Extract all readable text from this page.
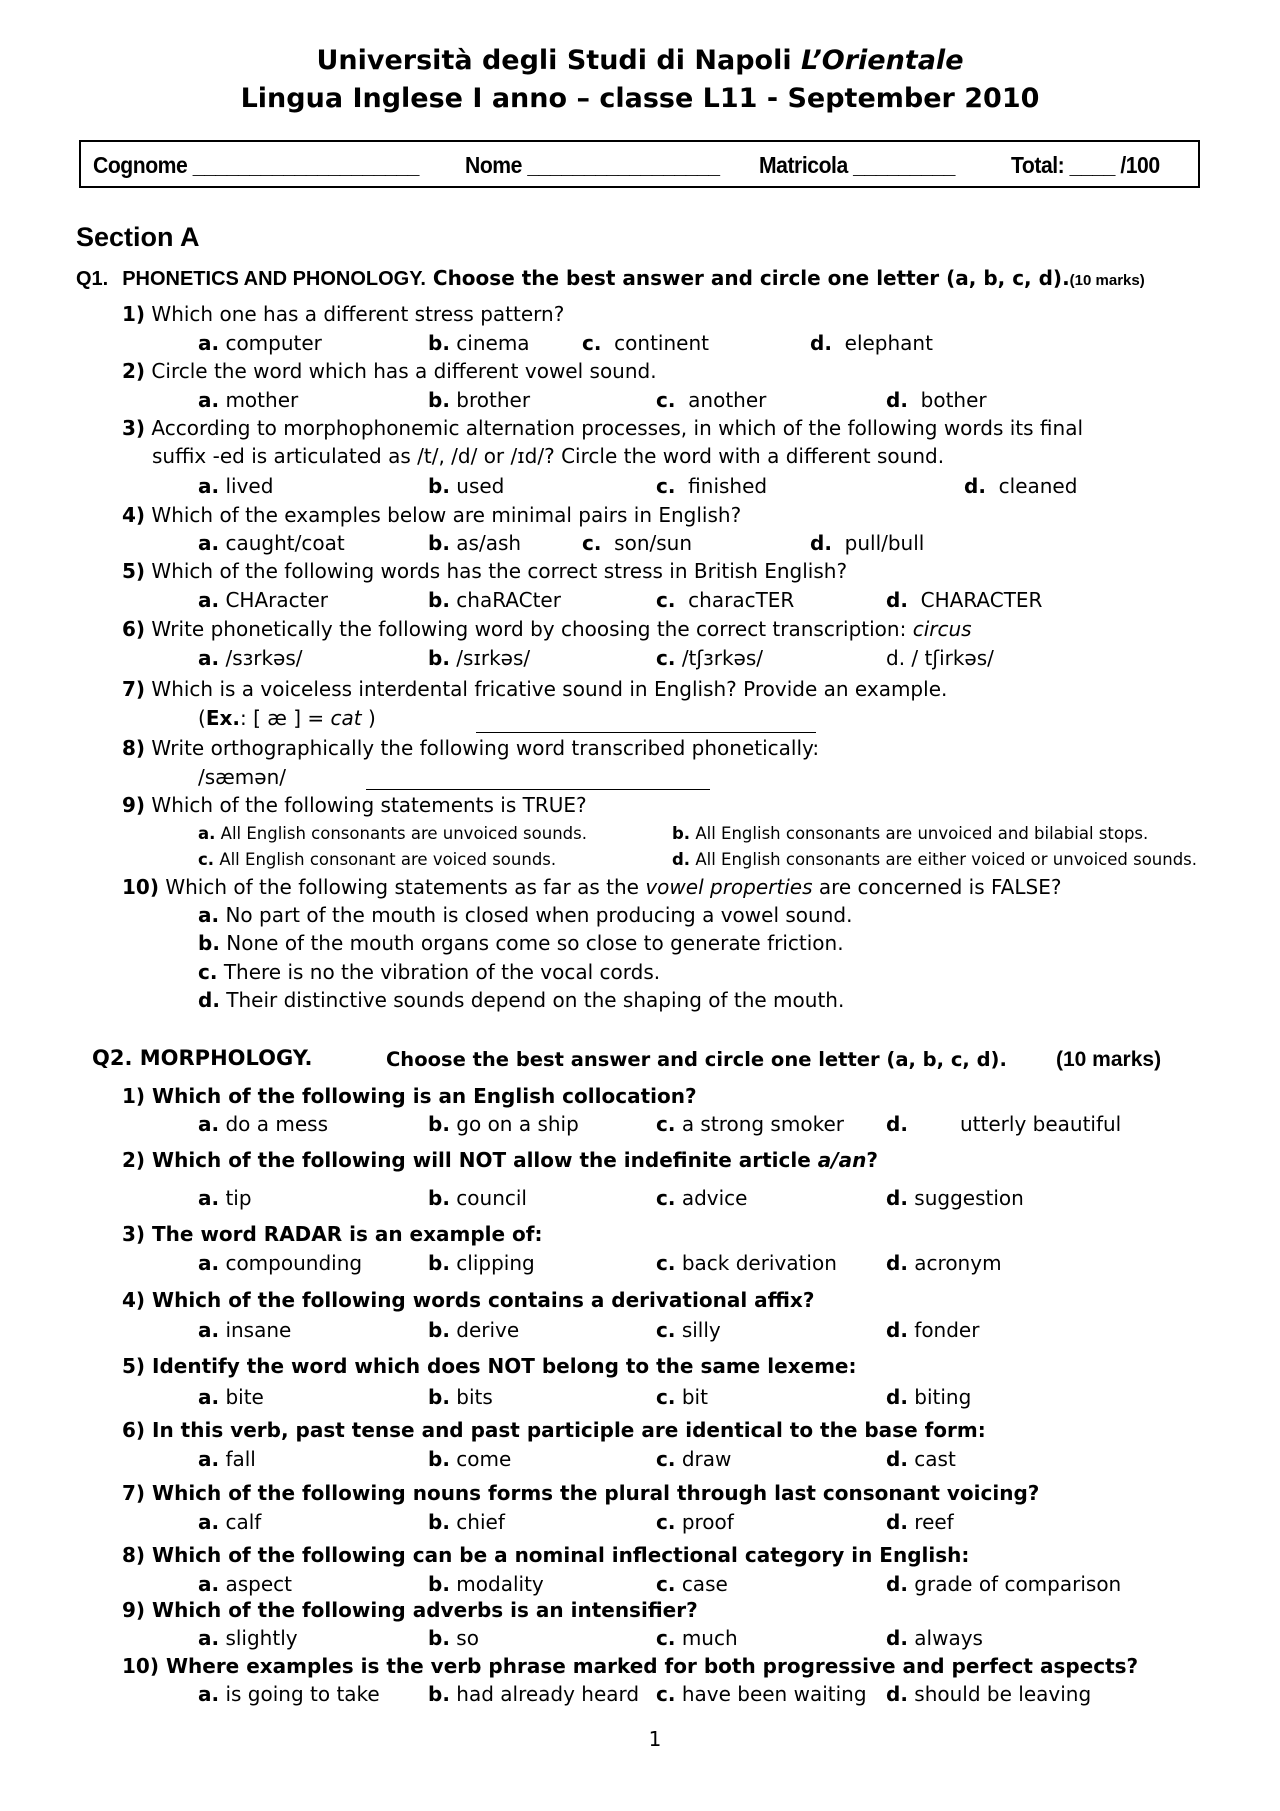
Università degli Studi di Napoli L’Orientale
Lingua Inglese I anno – classe L11 - September 2010
Cognome ____________________ Nome _________________ Matricola _________ Total: ____ /100
Section A
Q1. PHONETICS AND PHONOLOGY. Choose the best answer and circle one letter (a, b, c, d).(10 marks)
1) Which one has a different stress pattern?
a. computer	b. cinema	c. continent	d. elephant
2) Circle the word which has a different vowel sound.
a. mother	b. brother	c. another	d. bother
3) According to morphophonemic alternation processes, in which of the following words its final
suffix -ed is articulated as /t/, /d/ or /ɪd/? Circle the word with a different sound.
a. lived	b. used	c. finished	d. cleaned
4) Which of the examples below are minimal pairs in English?
a. caught/coat	b. as/ash	c. son/sun	d. pull/bull
5) Which of the following words has the correct stress in British English?
a. CHAracter	b. chaRACter	c. characTER	d. CHARACTER
6) Write phonetically the following word by choosing the correct transcription: circus
a. /sɜrkəs/	b. /sɪrkəs/	c. /tʃɜrkəs/	d. / tʃirkəs/
7) Which is a voiceless interdental fricative sound in English? Provide an example.
(Ex.: [ æ ] = cat )
8) Write orthographically the following word transcribed phonetically:
/sæmən/
9) Which of the following statements is TRUE?
a. All English consonants are unvoiced sounds.	b. All English consonants are unvoiced and bilabial stops.
c. All English consonant are voiced sounds.	d. All English consonants are either voiced or unvoiced sounds.
10) Which of the following statements as far as the vowel properties are concerned is FALSE?
a. No part of the mouth is closed when producing a vowel sound.
b. None of the mouth organs come so close to generate friction.
c. There is no the vibration of the vocal cords.
d. Their distinctive sounds depend on the shaping of the mouth.
Q2. MORPHOLOGY.	Choose the best answer and circle one letter (a, b, c, d). (10 marks)
1) Which of the following is an English collocation?
a. do a mess	b. go on a ship	c. a strong smoker d.	utterly beautiful
2) Which of the following will NOT allow the indefinite article a/an?
a. tip	b. council	c. advice	d. suggestion
3) The word RADAR is an example of:
a. compounding	b. clipping	c. back derivation d. acronym
4) Which of the following words contains a derivational affix?
a. insane	b. derive	c. silly	d. fonder
5) Identify the word which does NOT belong to the same lexeme:
a. bite	b. bits	c. bit	d. biting
6) In this verb, past tense and past participle are identical to the base form:
a. fall	b. come	c. draw	d. cast
7) Which of the following nouns forms the plural through last consonant voicing?
a. calf	b. chief	c. proof	d. reef
8) Which of the following can be a nominal inflectional category in English:
a. aspect	b. modality	c. case	d. grade of comparison
9) Which of the following adverbs is an intensifier?
a. slightly	b. so	c. much	d. always
10) Where examples is the verb phrase marked for both progressive and perfect aspects?
a. is going to take b. had already heard c. have been waiting d. should be leaving
1
